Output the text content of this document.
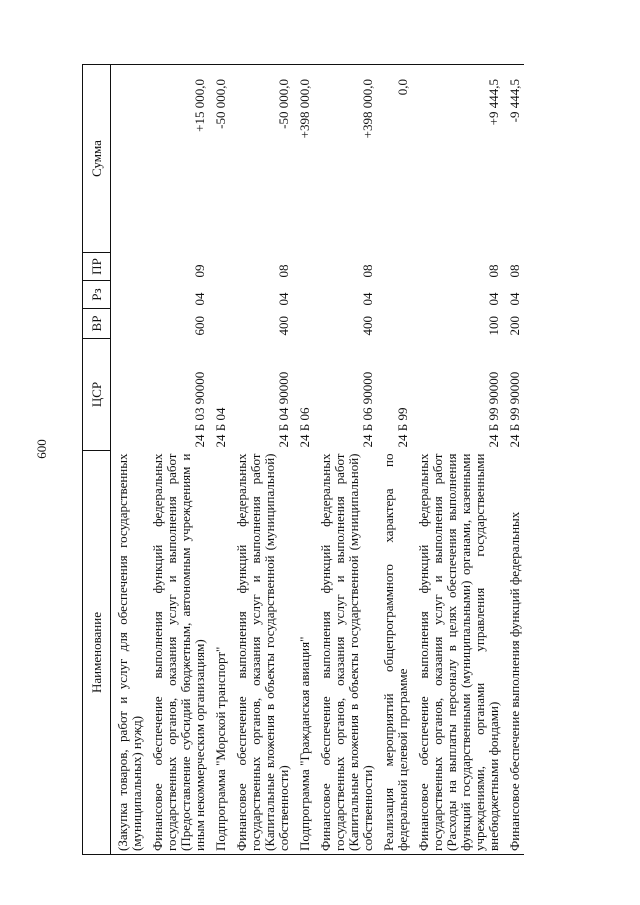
600
Наименование	ЦСР	ВР	Рз	ПР	Сумма
(Закупка товаров, работ и услуг для обеспечения государственных (муниципальных) нужд)					
Финансовое обеспечение выполнения функций федеральных государственных органов, оказания услуг и выполнения работ (Предоставление субсидий бюджетным, автономным учреждениям и иным некоммерческим организациям)	24 Б 03 90000	600	04	09	+15 000,0
Подпрограмма "Морской транспорт"	24 Б 04				-50 000,0
Финансовое обеспечение выполнения функций федеральных государственных органов, оказания услуг и выполнения работ (Капитальные вложения в объекты государственной (муниципальной) собственности)	24 Б 04 90000	400	04	08	-50 000,0
Подпрограмма "Гражданская авиация"	24 Б 06				+398 000,0
Финансовое обеспечение выполнения функций федеральных государственных органов, оказания услуг и выполнения работ (Капитальные вложения в объекты государственной (муниципальной) собственности)	24 Б 06 90000	400	04	08	+398 000,0
Реализация мероприятий общепрограммного характера по федеральной целевой программе	24 Б 99				0,0
Финансовое обеспечение выполнения функций федеральных государственных органов, оказания услуг и выполнения работ (Расходы на выплаты персоналу в целях обеспечения выполнения функций государственными (муниципальными) органами, казенными учреждениями, органами управления государственными внебюджетными фондами)	24 Б 99 90000	100	04	08	+9 444,5
Финансовое обеспечение выполнения функций федеральных	24 Б 99 90000	200	04	08	-9 444,5
